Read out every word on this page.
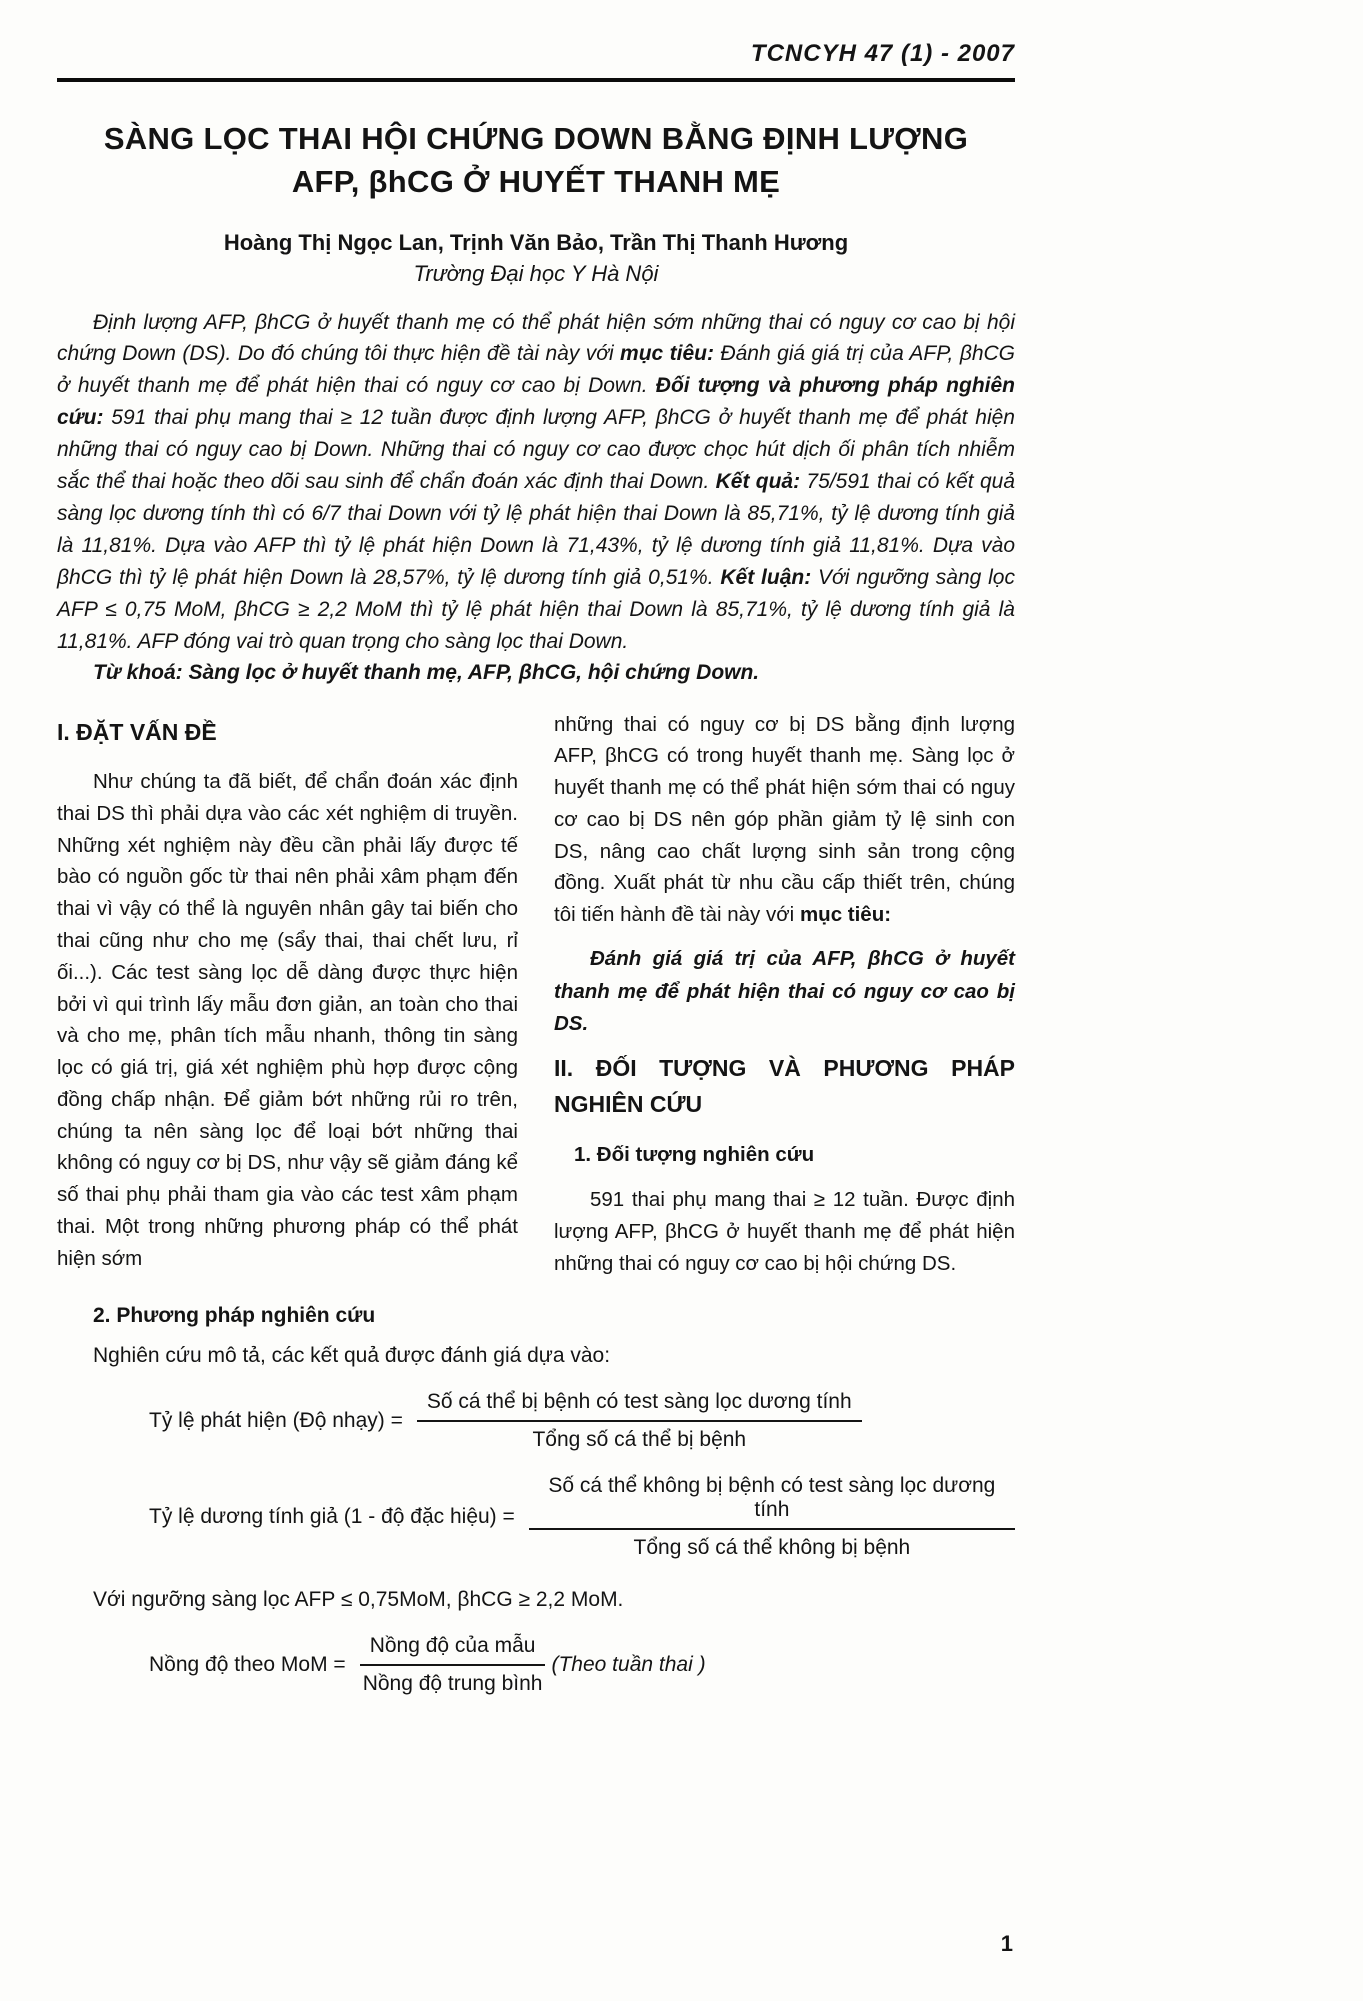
TCNCYH 47 (1) - 2007
SÀNG LỌC THAI HỘI CHỨNG DOWN BẰNG ĐỊNH LƯỢNG
AFP, βhCG Ở HUYẾT THANH MẸ
Hoàng Thị Ngọc Lan, Trịnh Văn Bảo, Trần Thị Thanh Hương
Trường Đại học Y Hà Nội

Định lượng AFP, βhCG ở huyết thanh mẹ có thể phát hiện sớm những thai có nguy cơ cao bị hội chứng Down (DS). Do đó chúng tôi thực hiện đề tài này với mục tiêu: Đánh giá giá trị của AFP, βhCG ở huyết thanh mẹ để phát hiện thai có nguy cơ cao bị Down. Đối tượng và phương pháp nghiên cứu: 591 thai phụ mang thai ≥ 12 tuần được định lượng AFP, βhCG ở huyết thanh mẹ để phát hiện những thai có nguy cao bị Down. Những thai có nguy cơ cao được chọc hút dịch ối phân tích nhiễm sắc thể thai hoặc theo dõi sau sinh để chẩn đoán xác định thai Down. Kết quả: 75/591 thai có kết quả sàng lọc dương tính thì có 6/7 thai Down với tỷ lệ phát hiện thai Down là 85,71%, tỷ lệ dương tính giả là 11,81%. Dựa vào AFP thì tỷ lệ phát hiện Down là 71,43%, tỷ lệ dương tính giả 11,81%. Dựa vào βhCG thì tỷ lệ phát hiện Down là 28,57%, tỷ lệ dương tính giả 0,51%. Kết luận: Với ngưỡng sàng lọc AFP ≤ 0,75 MoM, βhCG ≥ 2,2 MoM thì tỷ lệ phát hiện thai Down là 85,71%, tỷ lệ dương tính giả là 11,81%. AFP đóng vai trò quan trọng cho sàng lọc thai Down.

Từ khoá: Sàng lọc ở huyết thanh mẹ, AFP, βhCG, hội chứng Down.

I. ĐẶT VẤN ĐỀ

Như chúng ta đã biết, để chẩn đoán xác định thai DS thì phải dựa vào các xét nghiệm di truyền. Những xét nghiệm này đều cần phải lấy được tế bào có nguồn gốc từ thai nên phải xâm phạm đến thai vì vậy có thể là nguyên nhân gây tai biến cho thai cũng như cho mẹ (sẩy thai, thai chết lưu, rỉ ối...). Các test sàng lọc dễ dàng được thực hiện bởi vì qui trình lấy mẫu đơn giản, an toàn cho thai và cho mẹ, phân tích mẫu nhanh, thông tin sàng lọc có giá trị, giá xét nghiệm phù hợp được cộng đồng chấp nhận. Để giảm bớt những rủi ro trên, chúng ta nên sàng lọc để loại bớt những thai không có nguy cơ bị DS, như vậy sẽ giảm đáng kể số thai phụ phải tham gia vào các test xâm phạm thai. Một trong những phương pháp có thể phát hiện sớm

những thai có nguy cơ bị DS bằng định lượng AFP, βhCG có trong huyết thanh mẹ. Sàng lọc ở huyết thanh mẹ có thể phát hiện sớm thai có nguy cơ cao bị DS nên góp phần giảm tỷ lệ sinh con DS, nâng cao chất lượng sinh sản trong cộng đồng. Xuất phát từ nhu cầu cấp thiết trên, chúng tôi tiến hành đề tài này với mục tiêu:

Đánh giá giá trị của AFP, βhCG ở huyết thanh mẹ để phát hiện thai có nguy cơ cao bị DS.

II. ĐỐI TƯỢNG VÀ PHƯƠNG PHÁP NGHIÊN CỨU
1. Đối tượng nghiên cứu

591 thai phụ mang thai ≥ 12 tuần. Được định lượng AFP, βhCG ở huyết thanh mẹ để phát hiện những thai có nguy cơ cao bị hội chứng DS.

2. Phương pháp nghiên cứu

Nghiên cứu mô tả, các kết quả được đánh giá dựa vào:

Tỷ lệ phát hiện (Độ nhạy) = $\frac{\text{Số cá thể bị bệnh có test sàng lọc dương tính}}{\text{Tổng số cá thể bị bệnh}}$
Tỷ lệ dương tính giả (1 - độ đặc hiệu) = $\frac{\text{Số cá thể không bị bệnh có test sàng lọc dương tính}}{\text{Tổng số cá thể không bị bệnh}}$

Với ngưỡng sàng lọc AFP ≤ 0,75MoM, βhCG ≥ 2,2 MoM.

Nồng độ theo MoM = $\frac{\text{Nồng độ của mẫu}}{\text{Nồng độ trung bình}}$ (Theo tuần thai )
1
